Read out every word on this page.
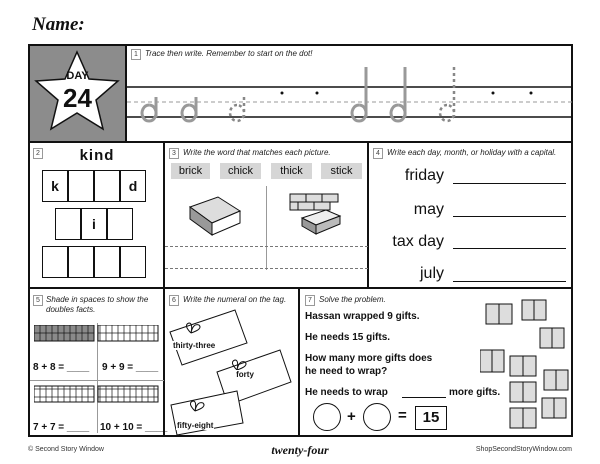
Name:
DAY
24
1 Trace then write. Remember to start on the dot!
2	kind
k	d
i
3 Write the word that matches each picture.
brick	chick	thick	stick
4 Write each day, month, or holiday with a capital.
friday
may
tax day
july
5 Shade in spaces to show the doubles facts.
8 + 8 = ____ 9 + 9 = ____
7 + 7 = ____ 10 + 10 = ____
6 Write the numeral on the tag.
thirty-three
forty
fifty-eight
7 Solve the problem.
Hassan wrapped 9 gifts.
He needs 15 gifts.
How many more gifts does
he need to wrap?
He needs to wrap	more gifts.
+	=	15
© Second Story Window	twenty-four	ShopSecondStoryWindow.com
